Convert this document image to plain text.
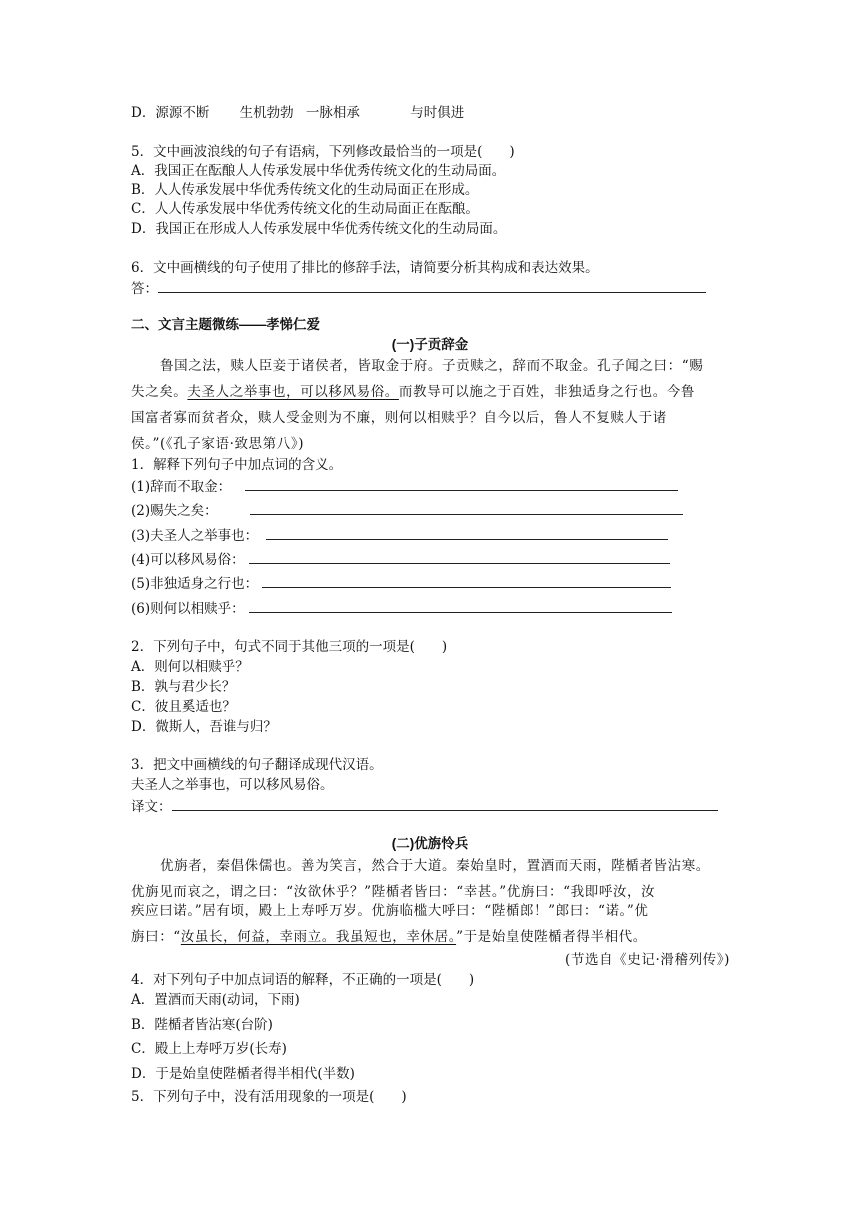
D．源源不断 生机勃勃 一脉相承	与时俱进
5．文中画波浪线的句子有语病，下列修改最恰当的一项是(　　)
A．我国正在酝酿人人传承发展中华优秀传统文化的生动局面。
B．人人传承发展中华优秀传统文化的生动局面正在形成。
C．人人传承发展中华优秀传统文化的生动局面正在酝酿。
D．我国正在形成人人传承发展中华优秀传统文化的生动局面。
6．文中画横线的句子使用了排比的修辞手法，请简要分析其构成和表达效果。
答：
二、文言主题微练——孝悌仁爱
(一)子贡辞金
鲁国之法，赎人臣妾于诸侯者，皆取金于府。子贡赎之，辞而不取金。孔子闻之曰：“赐
失之矣。夫圣人之举事也，可以移风易俗。而教导可以施之于百姓，非独适身之行也。今鲁
国富者寡而贫者众，赎人受金则为不廉，则何以相赎乎？自今以后，鲁人不复赎人于诸
侯。”(《孔子家语·致思第八》)
1．解释下列句子中加点词的含义。
(1)辞而不取金：
(2)赐失之矣：
(3)夫圣人之举事也：
(4)可以移风易俗：
(5)非独适身之行也：
(6)则何以相赎乎：
2．下列句子中，句式不同于其他三项的一项是(　　)
A．则何以相赎乎？
B．孰与君少长？
C．彼且奚适也？
D．微斯人，吾谁与归？
3．把文中画横线的句子翻译成现代汉语。
夫圣人之举事也，可以移风易俗。
译文：
(二)优旃怜兵
优旃者，秦倡侏儒也。善为笑言，然合于大道。秦始皇时，置酒而天雨，陛楯者皆沾寒。
优旃见而哀之，谓之曰：“汝欲休乎？”陛楯者皆曰：“幸甚。”优旃曰：“我即呼汝，汝
疾应曰诺。”居有顷，殿上上寿呼万岁。优旃临槛大呼曰：“陛楯郎！”郎曰：“诺。”优
旃曰：“汝虽长，何益，幸雨立。我虽短也，幸休居。”于是始皇使陛楯者得半相代。
(节选自《史记·滑稽列传》)
4．对下列句子中加点词语的解释，不正确的一项是(　　)
A．置酒而天雨(动词，下雨)
B．陛楯者皆沾寒(台阶)
C．殿上上寿呼万岁(长寿)
D．于是始皇使陛楯者得半相代(半数)
5．下列句子中，没有活用现象的一项是(　　)
